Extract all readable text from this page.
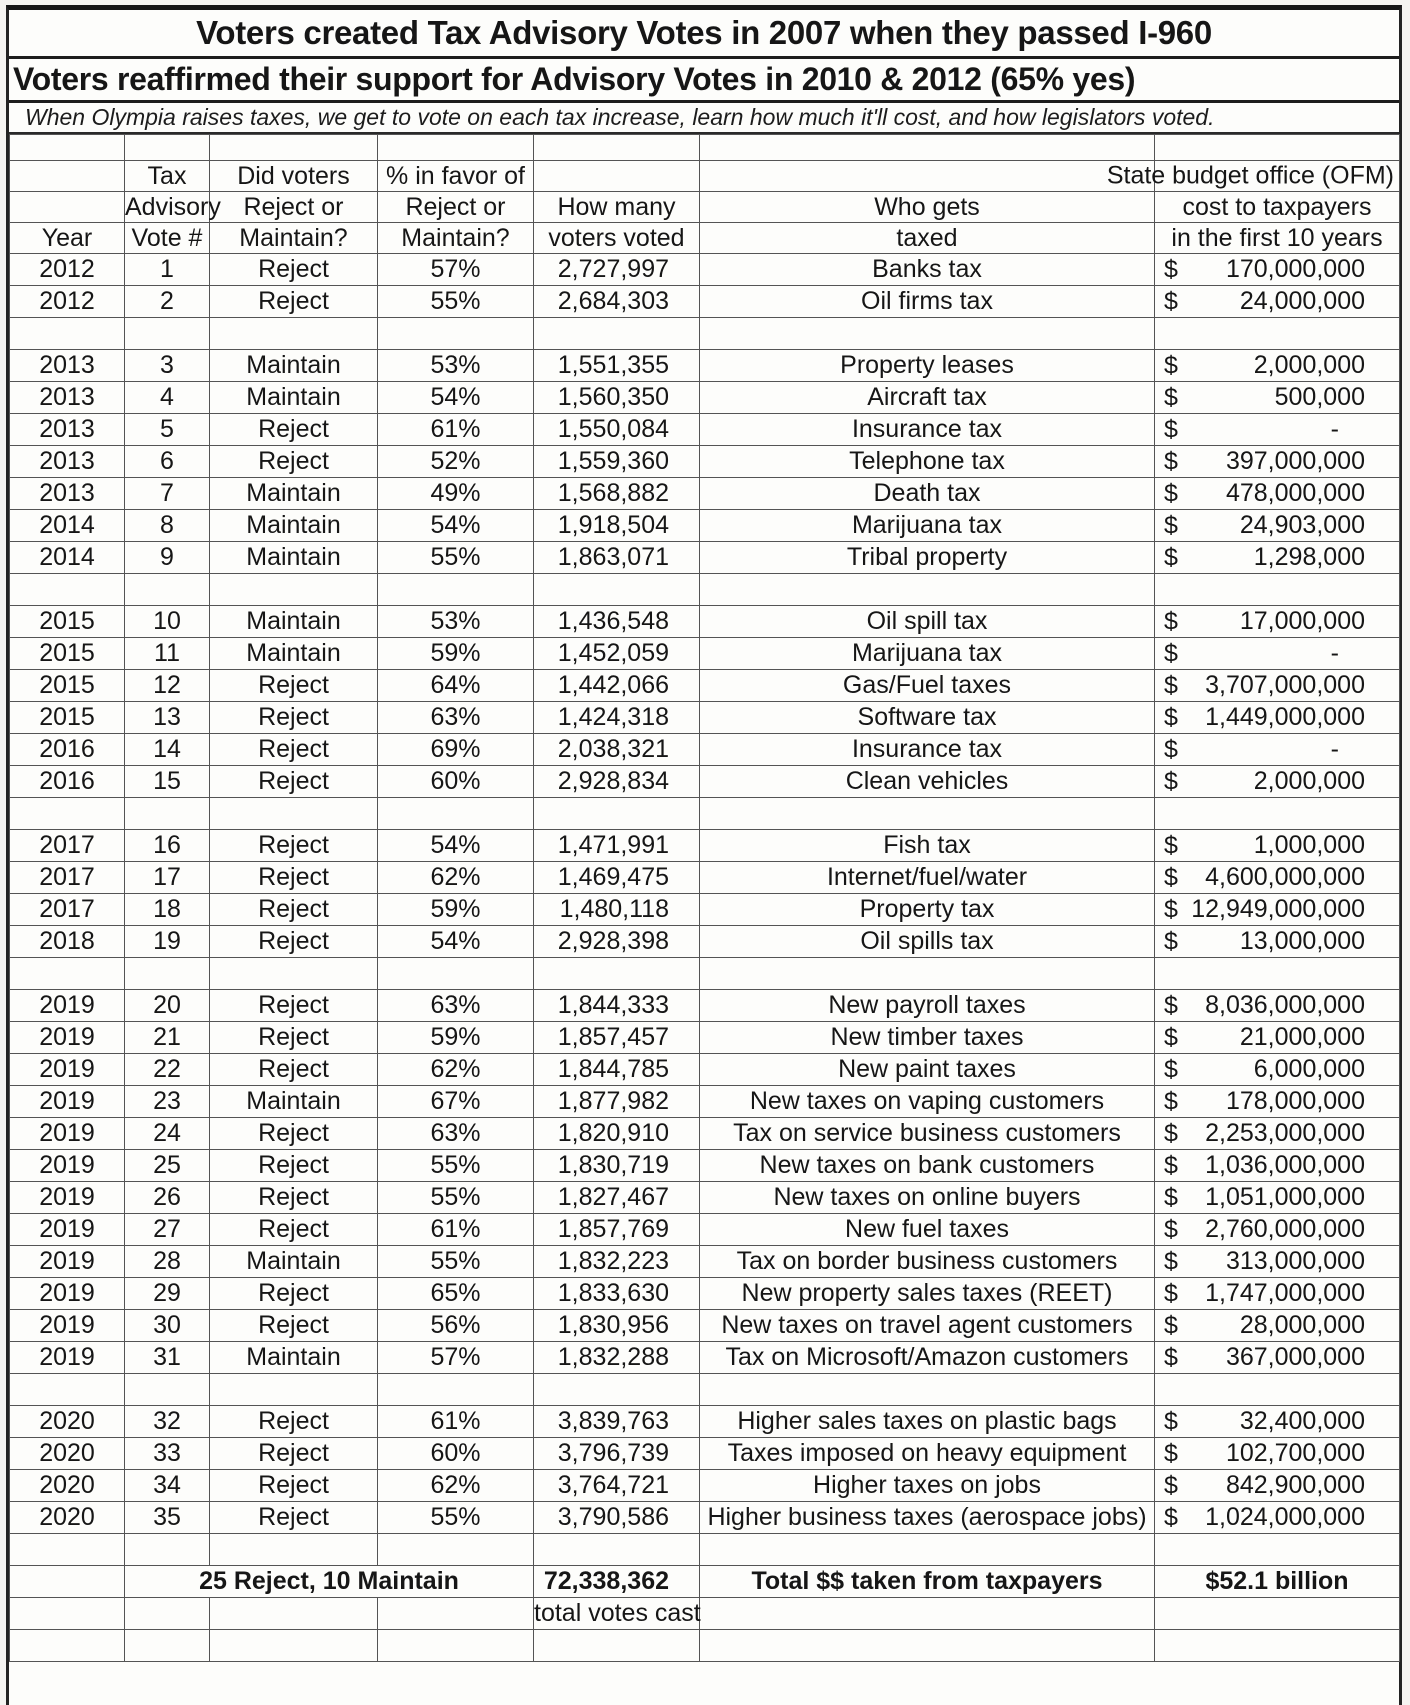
Voters created Tax Advisory Votes in 2007 when they passed I-960
Voters reaffirmed their support for Advisory Votes in 2010 & 2012 (65% yes)
When Olympia raises taxes, we get to vote on each tax increase, learn how much it'll cost, and how legislators voted.

	Tax	Did voters	% in favor of			State budget office (OFM)

	Advisory	Reject or	Reject or	How many	Who gets	cost to taxpayers
Year	Vote #	Maintain?	Maintain?	voters voted	taxed	in the first 10 years
2012	1	Reject	57%	2,727,997	Banks tax	$ 170,000,000
2012	2	Reject	55%	2,684,303	Oil firms tax	$ 24,000,000

2013	3	Maintain	53%	1,551,355	Property leases	$ 2,000,000
2013	4	Maintain	54%	1,560,350	Aircraft tax	$ 500,000
2013	5	Reject	61%	1,550,084	Insurance tax	$ -
2013	6	Reject	52%	1,559,360	Telephone tax	$ 397,000,000
2013	7	Maintain	49%	1,568,882	Death tax	$ 478,000,000
2014	8	Maintain	54%	1,918,504	Marijuana tax	$ 24,903,000
2014	9	Maintain	55%	1,863,071	Tribal property	$ 1,298,000

2015	10	Maintain	53%	1,436,548	Oil spill tax	$ 17,000,000
2015	11	Maintain	59%	1,452,059	Marijuana tax	$ -
2015	12	Reject	64%	1,442,066	Gas/Fuel taxes	$ 3,707,000,000
2015	13	Reject	63%	1,424,318	Software tax	$ 1,449,000,000
2016	14	Reject	69%	2,038,321	Insurance tax	$ -
2016	15	Reject	60%	2,928,834	Clean vehicles	$ 2,000,000

2017	16	Reject	54%	1,471,991	Fish tax	$ 1,000,000
2017	17	Reject	62%	1,469,475	Internet/fuel/water	$ 4,600,000,000
2017	18	Reject	59%	1,480,118	Property tax	$ 12,949,000,000
2018	19	Reject	54%	2,928,398	Oil spills tax	$ 13,000,000

2019	20	Reject	63%	1,844,333	New payroll taxes	$ 8,036,000,000
2019	21	Reject	59%	1,857,457	New timber taxes	$ 21,000,000
2019	22	Reject	62%	1,844,785	New paint taxes	$ 6,000,000
2019	23	Maintain	67%	1,877,982	New taxes on vaping customers	$ 178,000,000
2019	24	Reject	63%	1,820,910	Tax on service business customers	$ 2,253,000,000
2019	25	Reject	55%	1,830,719	New taxes on bank customers	$ 1,036,000,000
2019	26	Reject	55%	1,827,467	New taxes on online buyers	$ 1,051,000,000
2019	27	Reject	61%	1,857,769	New fuel taxes	$ 2,760,000,000
2019	28	Maintain	55%	1,832,223	Tax on border business customers	$ 313,000,000
2019	29	Reject	65%	1,833,630	New property sales taxes (REET)	$ 1,747,000,000
2019	30	Reject	56%	1,830,956	New taxes on travel agent customers	$ 28,000,000
2019	31	Maintain	57%	1,832,288	Tax on Microsoft/Amazon customers	$ 367,000,000

2020	32	Reject	61%	3,839,763	Higher sales taxes on plastic bags	$ 32,400,000
2020	33	Reject	60%	3,796,739	Taxes imposed on heavy equipment	$ 102,700,000
2020	34	Reject	62%	3,764,721	Higher taxes on jobs	$ 842,900,000
2020	35	Reject	55%	3,790,586	Higher business taxes (aerospace jobs)	$ 1,024,000,000

	25 Reject, 10 Maintain			72,338,362	Total $$ taken from taxpayers	$52.1 billion
				total votes cast		
